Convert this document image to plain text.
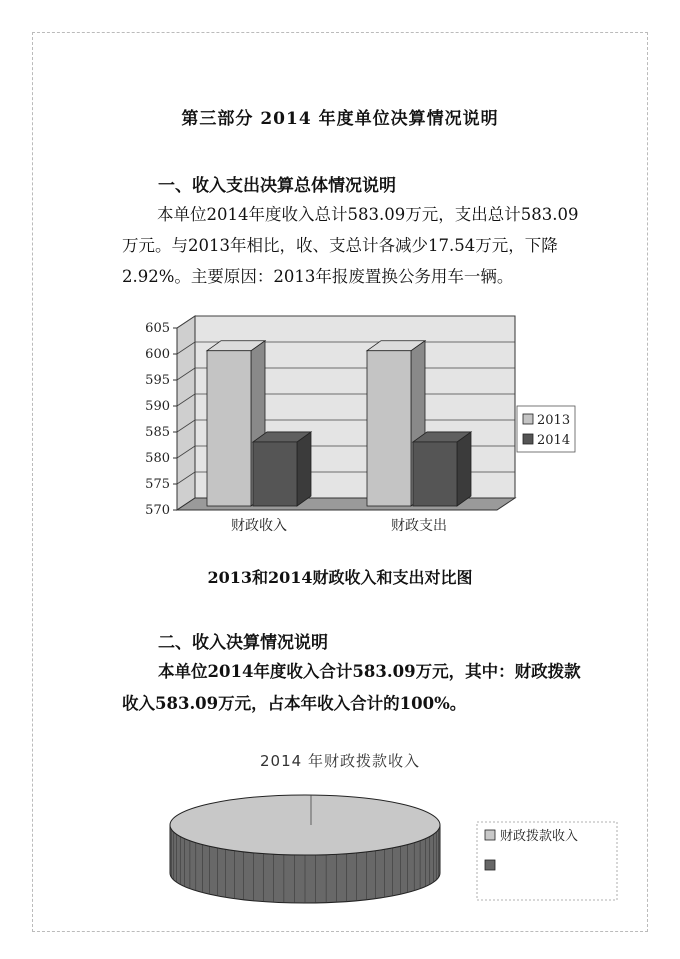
第三部分 2014 年度单位决算情况说明
一、收入支出决算总体情况说明
本单位2014年度收入总计583.09万元，支出总计583.09
万元。与2013年相比，收、支总计各减少17.54万元，下降
2.92%。主要原因：2013年报废置换公务用车一辆。
570
575
580
585
590
595
600
605
财政收入	财政支出
2013
2014
2013和2014财政收入和支出对比图
二、收入决算情况说明
本单位2014年度收入合计583.09万元，其中：财政拨款
收入583.09万元，占本年收入合计的100%。
2014 年财政拨款收入
财政拨款收入
